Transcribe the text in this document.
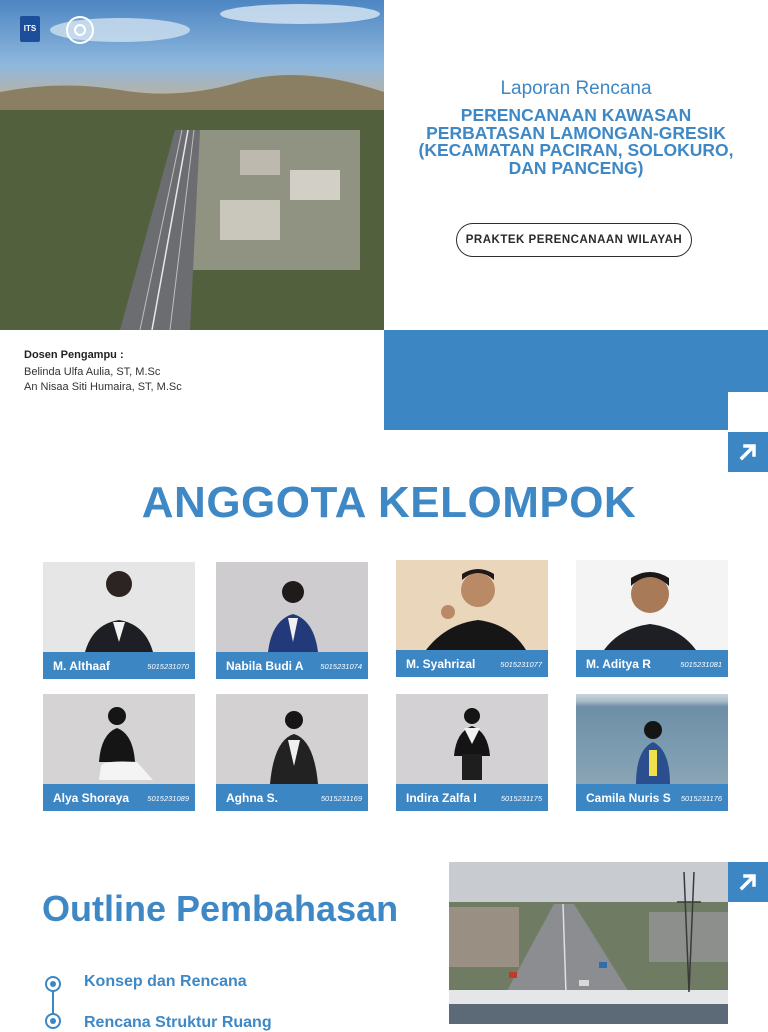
ITS
Laporan Rencana
PERENCANAAN KAWASAN
PERBATASAN LAMONGAN-GRESIK
(KECAMATAN PACIRAN, SOLOKURO,
DAN PANCENG)
PRAKTEK PERENCANAAN WILAYAH
Dosen Pengampu :
Belinda Ulfa Aulia, ST, M.Sc
An Nisaa Siti Humaira, ST, M.Sc
ANGGOTA KELOMPOK
M. Althaaf	5015231070	Nabila Budi A 5015231074	M. Syahrizal	5015231077	M. Aditya R	5015231081
Alya Shoraya 5015231089	Aghna S.	5015231169	Indira Zalfa I	5015231175	Camila Nuris S 5015231176
Outline Pembahasan
Konsep dan Rencana
Rencana Struktur Ruang
